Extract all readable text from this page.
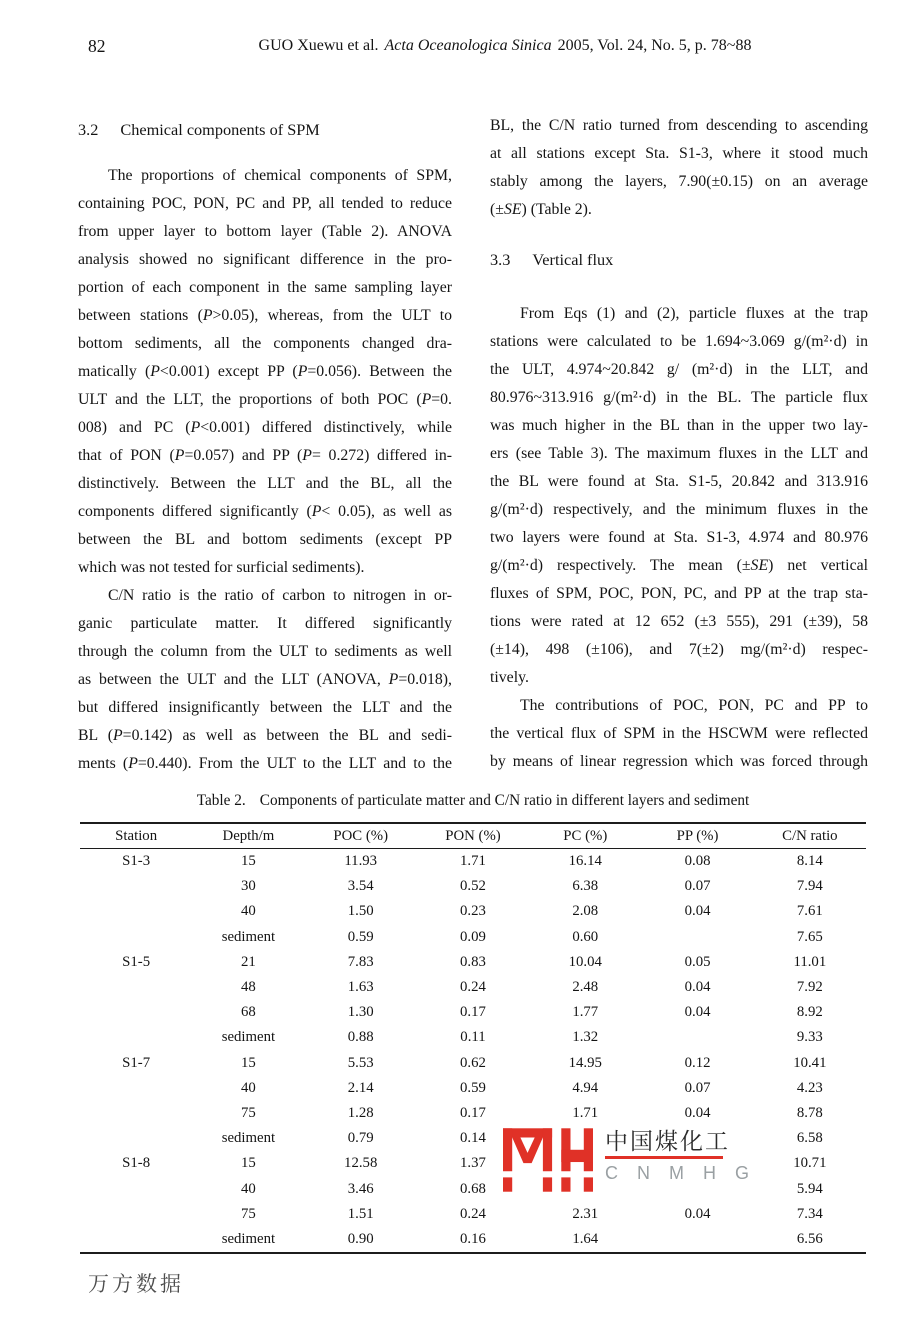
82	GUO Xuewu et al. Acta Oceanologica Sinica 2005, Vol. 24, No. 5, p. 78~88
3.2 Chemical components of SPM
The proportions of chemical components of SPM,
containing POC, PON, PC and PP, all tended to reduce
from upper layer to bottom layer (Table 2). ANOVA
analysis showed no significant difference in the pro-
portion of each component in the same sampling layer
between stations (P>0.05), whereas, from the ULT to
bottom sediments, all the components changed dra-
matically (P<0.001) except PP (P=0.056). Between the
ULT and the LLT, the proportions of both POC (P=0.
008) and PC (P<0.001) differed distinctively, while
that of PON (P=0.057) and PP (P= 0.272) differed in-
distinctively. Between the LLT and the BL, all the
components differed significantly (P< 0.05), as well as
between the BL and bottom sediments (except PP
which was not tested for surficial sediments).
C/N ratio is the ratio of carbon to nitrogen in or-
ganic particulate matter. It differed significantly
through the column from the ULT to sediments as well
as between the ULT and the LLT (ANOVA, P=0.018),
but differed insignificantly between the LLT and the
BL (P=0.142) as well as between the BL and sedi-
ments (P=0.440). From the ULT to the LLT and to the
BL, the C/N ratio turned from descending to ascending
at all stations except Sta. S1-3, where it stood much
stably among the layers, 7.90(±0.15) on an average
(±SE) (Table 2).
3.3 Vertical flux
From Eqs (1) and (2), particle fluxes at the trap
stations were calculated to be 1.694~3.069 g/(m²·d) in
the ULT, 4.974~20.842 g/ (m²·d) in the LLT, and
80.976~313.916 g/(m²·d) in the BL. The particle flux
was much higher in the BL than in the upper two lay-
ers (see Table 3). The maximum fluxes in the LLT and
the BL were found at Sta. S1-5, 20.842 and 313.916
g/(m²·d) respectively, and the minimum fluxes in the
two layers were found at Sta. S1-3, 4.974 and 80.976
g/(m²·d) respectively. The mean (±SE) net vertical
fluxes of SPM, POC, PON, PC, and PP at the trap sta-
tions were rated at 12 652 (±3 555), 291 (±39), 58
(±14), 498 (±106), and 7(±2) mg/(m²·d) respec-
tively.
The contributions of POC, PON, PC and PP to
the vertical flux of SPM in the HSCWM were reflected
by means of linear regression which was forced through
Table 2. Components of particulate matter and C/N ratio in different layers and sediment
Station	Depth/m	POC (%)	PON (%)	PC (%)	PP (%)	C/N ratio
S1-3	15	11.93	1.71	16.14	0.08	8.14
	30	3.54	0.52	6.38	0.07	7.94
	40	1.50	0.23	2.08	0.04	7.61
	sediment	0.59	0.09	0.60		7.65
S1-5	21	7.83	0.83	10.04	0.05	11.01
	48	1.63	0.24	2.48	0.04	7.92
	68	1.30	0.17	1.77	0.04	8.92
	sediment	0.88	0.11	1.32		9.33
S1-7	15	5.53	0.62	14.95	0.12	10.41
	40	2.14	0.59	4.94	0.07	4.23
	75	1.28	0.17	1.71	0.04	8.78
	sediment	0.79	0.14			6.58
S1-8	15	12.58	1.37			10.71
	40	3.46	0.68			5.94
	75	1.51	0.24	2.31	0.04	7.34
	sediment	0.90	0.16	1.64		6.56
中国煤化工
C N M H G
万方数据
